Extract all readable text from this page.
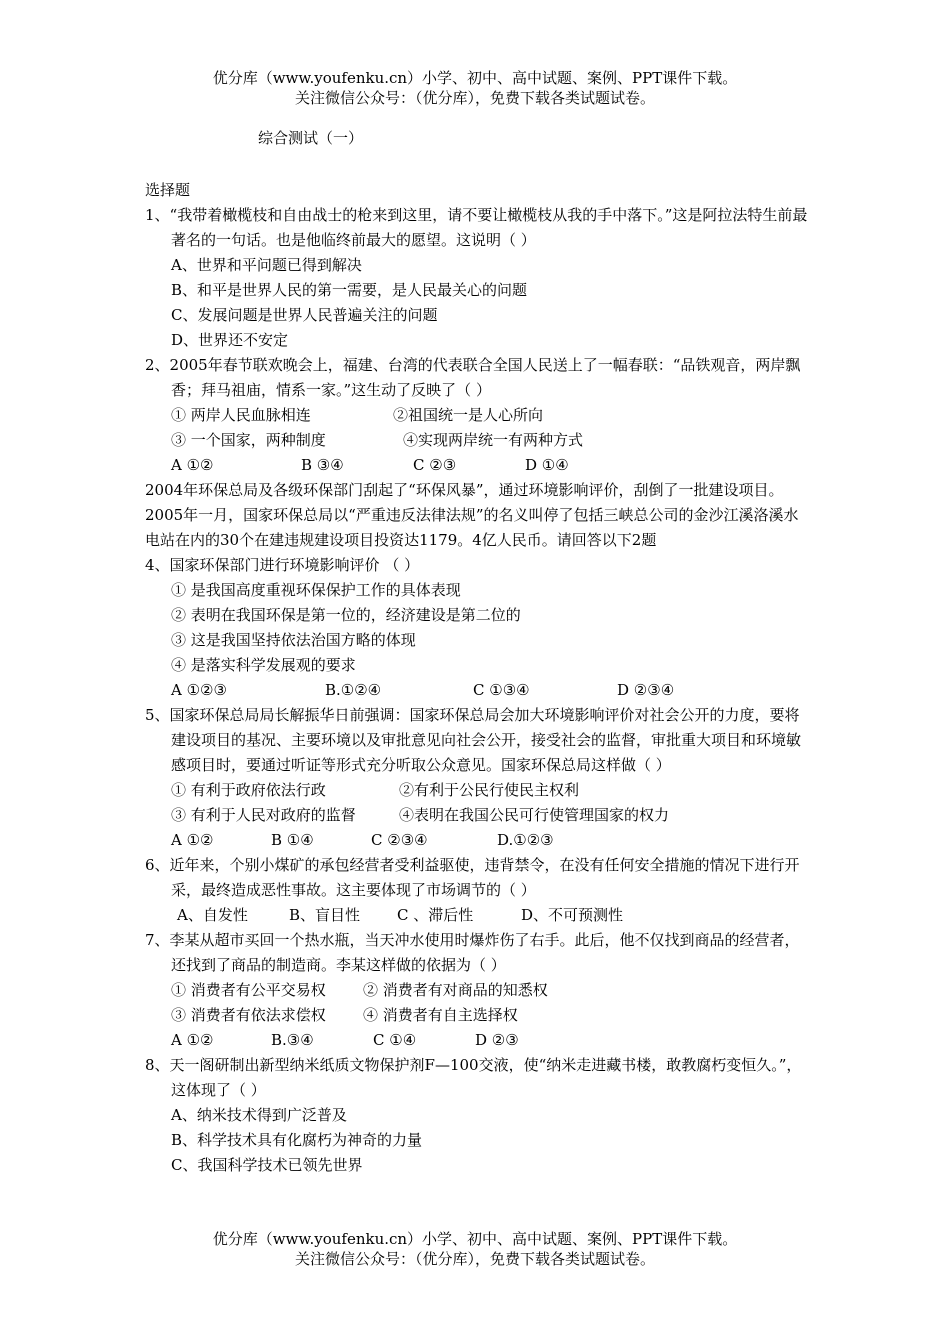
优分库（www.youfenku.cn）小学、初中、高中试题、案例、PPT课件下载。
关注微信公众号：（优分库），免费下载各类试题试卷。
综合测试（一）
选择题
1、“我带着橄榄枝和自由战士的枪来到这里，请不要让橄榄枝从我的手中落下。”这是阿拉法特生前最著名的一句话。也是他临终前最大的愿望。这说明（ ）
A、世界和平问题已得到解决
B、和平是世界人民的第一需要，是人民最关心的问题
C、发展问题是世界人民普遍关注的问题
D、世界还不安定
2、2005年春节联欢晚会上，福建、台湾的代表联合全国人民送上了一幅春联：“品铁观音，两岸飘香；拜马祖庙，情系一家。”这生动了反映了（ ）
① 两岸人民血脉相连	②祖国统一是人心所向
③ 一个国家，两种制度	④实现两岸统一有两种方式
A ①②	B ③④	C ②③	D ①④
2004年环保总局及各级环保部门刮起了“环保风暴”，通过环境影响评价，刮倒了一批建设项目。2005年一月，国家环保总局以“严重违反法律法规”的名义叫停了包括三峡总公司的金沙江溪洛溪水电站在内的30个在建违规建设项目投资达1179。4亿人民币。请回答以下2题
4、国家环保部门进行环境影响评价 （ ）
① 是我国高度重视环保保护工作的具体表现
② 表明在我国环保是第一位的，经济建设是第二位的
③ 这是我国坚持依法治国方略的体现
④ 是落实科学发展观的要求
A ①②③	B.①②④	C ①③④	D ②③④
5、国家环保总局局长解振华日前强调：国家环保总局会加大环境影响评价对社会公开的力度，要将建设项目的基况、主要环境以及审批意见向社会公开，接受社会的监督，审批重大项目和环境敏感项目时，要通过听证等形式充分听取公众意见。国家环保总局这样做（ ）
① 有利于政府依法行政	②有利于公民行使民主权利
③ 有利于人民对政府的监督	④表明在我国公民可行使管理国家的权力
A ①②	B ①④	C ②③④	D.①②③
6、近年来，个别小煤矿的承包经营者受利益驱使，违背禁令，在没有任何安全措施的情况下进行开采，最终造成恶性事故。这主要体现了市场调节的（ ）
A、自发性	B、盲目性	C 、滞后性	D、不可预测性
7、李某从超市买回一个热水瓶，当天冲水使用时爆炸伤了右手。此后，他不仅找到商品的经营者，还找到了商品的制造商。李某这样做的依据为（ ）
① 消费者有公平交易权	② 消费者有对商品的知悉权
③ 消费者有依法求偿权	④ 消费者有自主选择权
A ①②	B.③④	C ①④	D ②③
8、天一阁研制出新型纳米纸质文物保护剂F—100交液，使“纳米走进藏书楼，敢教腐朽变恒久。”，这体现了（ ）
A、纳米技术得到广泛普及
B、科学技术具有化腐朽为神奇的力量
C、我国科学技术已领先世界
优分库（www.youfenku.cn）小学、初中、高中试题、案例、PPT课件下载。
关注微信公众号：（优分库），免费下载各类试题试卷。
